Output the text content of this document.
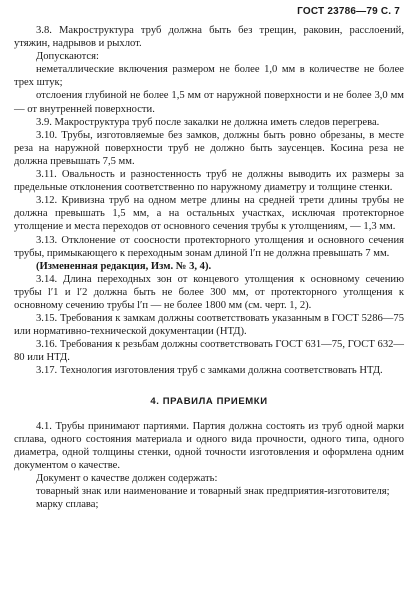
ГОСТ 23786—79 С. 7

3.8. Макроструктура труб должна быть без трещин, раковин, расслоений, утяжин, надрывов и рыхлот.

Допускаются:

неметаллические включения размером не более 1,0 мм в количестве не более трех штук;

отслоения глубиной не более 1,5 мм от наружной поверхности и не более 3,0 мм — от внутренней поверхности.

3.9. Макроструктура труб после закалки не должна иметь следов перегрева.

3.10. Трубы, изготовляемые без замков, должны быть ровно обрезаны, в месте реза на наружной поверхности труб не должно быть заусенцев. Косина реза не должна превышать 7,5 мм.

3.11. Овальность и разностенность труб не должны выводить их размеры за предельные отклонения соответственно по наружному диаметру и толщине стенки.

3.12. Кривизна труб на одном метре длины на средней трети длины трубы не должна превышать 1,5 мм, а на остальных участках, исключая протекторное утолщение и места переходов от основного сечения трубы к утолщениям, — 1,3 мм.

3.13. Отклонение от соосности протекторного утолщения и основного сечения трубы, примыкающего к переходным зонам длиной l′п не должна превышать 7 мм.

(Измененная редакция, Изм. № 3, 4).

3.14. Длина переходных зон от концевого утолщения к основному сечению трубы l′1 и l′2 должна быть не более 300 мм, от протекторного утолщения к основному сечению трубы l′п — не более 1800 мм (см. черт. 1, 2).

3.15. Требования к замкам должны соответствовать указанным в ГОСТ 5286—75 или нормативно-технической документации (НТД).

3.16. Требования к резьбам должны соответствовать ГОСТ 631—75, ГОСТ 632—80 или НТД.

3.17. Технология изготовления труб с замками должна соответствовать НТД.

4. ПРАВИЛА ПРИЕМКИ

4.1. Трубы принимают партиями. Партия должна состоять из труб одной марки сплава, одного состояния материала и одного вида прочности, одного типа, одного диаметра, одной толщины стенки, одной точности изготовления и оформлена одним документом о качестве.

Документ о качестве должен содержать:

товарный знак или наименование и товарный знак предприятия-изготовителя;

марку сплава;
